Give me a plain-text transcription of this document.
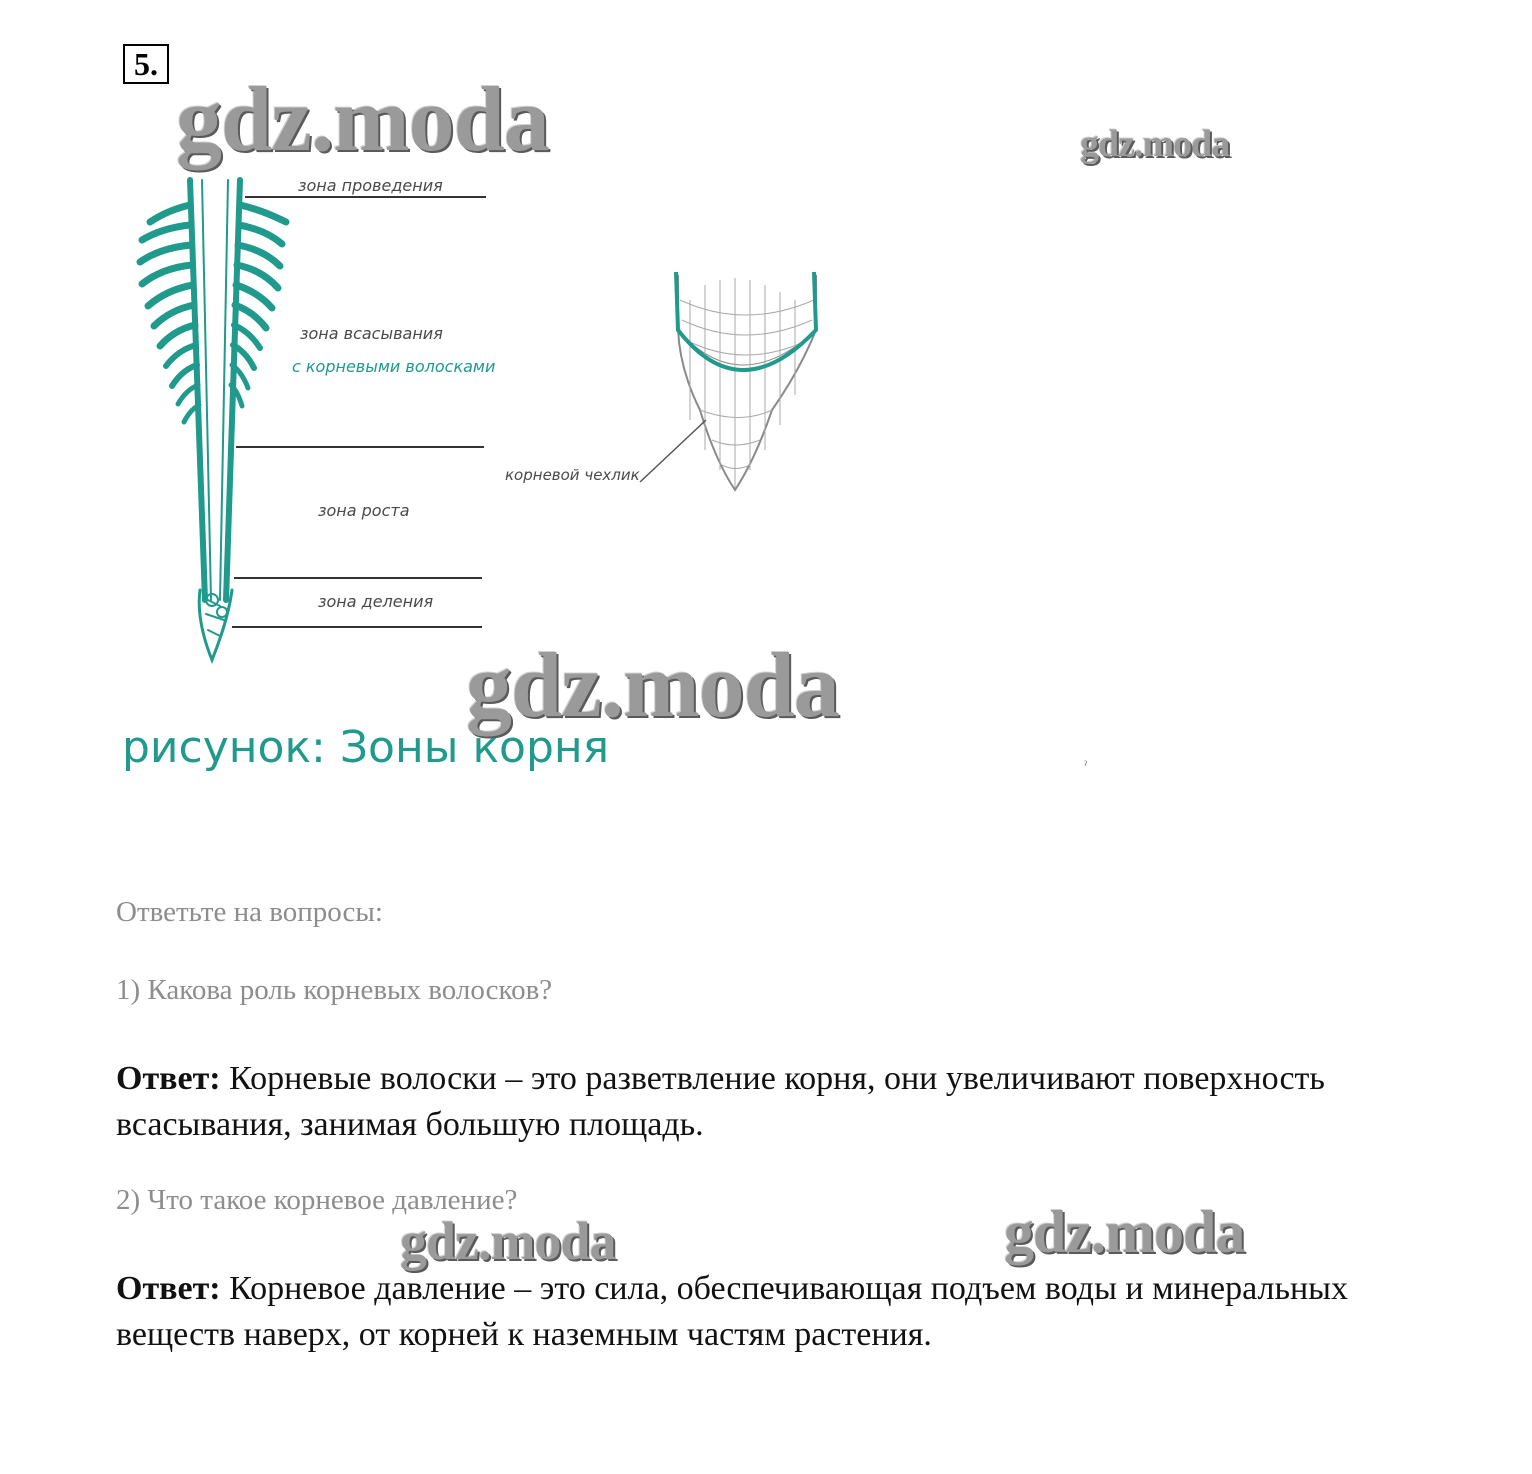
5.
gdz.moda	gdz.moda
зона проведения
зона всасывания
с корневыми волосками
зона роста
зона деления
корневой чехлик
gdz.moda
рисунок: Зоны корня	ˀ
Ответьте на вопросы:
1) Какова роль корневых волосков?
Ответ: Корневые волоски – это разветвление корня, они увеличивают поверхность всасывания, занимая большую площадь.
2) Что такое корневое давление?
gdz.moda	gdz.moda
Ответ: Корневое давление – это сила, обеспечивающая подъем воды и минеральных веществ наверх, от корней к наземным частям растения.
